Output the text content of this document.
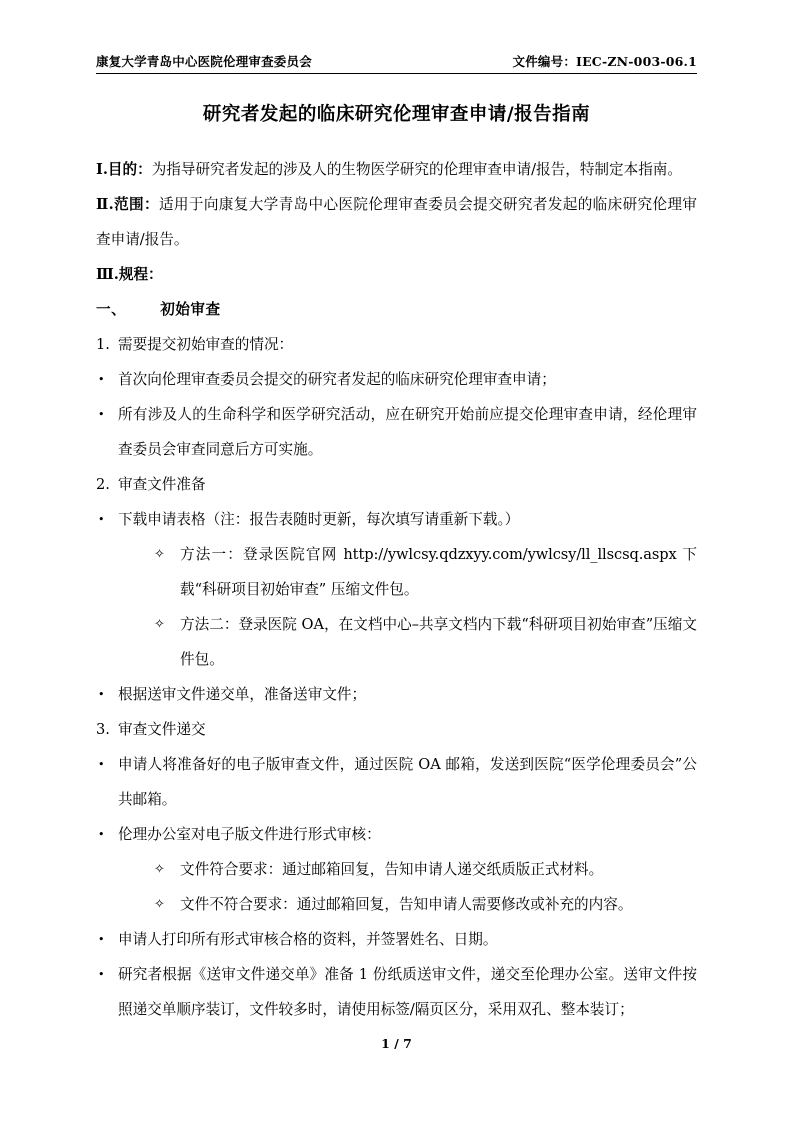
康复大学青岛中心医院伦理审查委员会	文件编号：IEC-ZN-003-06.1
研究者发起的临床研究伦理审查申请/报告指南

Ⅰ.目的：为指导研究者发起的涉及人的生物医学研究的伦理审查申请/报告，特制定本指南。

Ⅱ.范围：适用于向康复大学青岛中心医院伦理审查委员会提交研究者发起的临床研究伦理审查申请/报告。

Ⅲ.规程：

一、 初始审查

1. 需要提交初始审查的情况：
• 首次向伦理审查委员会提交的研究者发起的临床研究伦理审查申请；
• 所有涉及人的生命科学和医学研究活动，应在研究开始前应提交伦理审查申请，经伦理审查委员会审查同意后方可实施。
2. 审查文件准备
• 下载申请表格（注：报告表随时更新，每次填写请重新下载。）
✧	方法一：登录医院官网 http://ywlcsy.qdzxyy.com/ywlcsy/ll_llscsq.aspx 下载“科研项目初始审查” 压缩文件包。
✧	方法二：登录医院 OA，在文档中心–共享文档内下载“科研项目初始审查”压缩文件包。
• 根据送审文件递交单，准备送审文件；
3. 审查文件递交
• 申请人将准备好的电子版审查文件，通过医院 OA 邮箱，发送到医院“医学伦理委员会”公共邮箱。
• 伦理办公室对电子版文件进行形式审核：
✧	文件符合要求：通过邮箱回复，告知申请人递交纸质版正式材料。
✧	文件不符合要求：通过邮箱回复，告知申请人需要修改或补充的内容。
• 申请人打印所有形式审核合格的资料，并签署姓名、日期。
• 研究者根据《送审文件递交单》准备 1 份纸质送审文件，递交至伦理办公室。送审文件按照递交单顺序装订，文件较多时，请使用标签/隔页区分，采用双孔、整本装订；
1 / 7
